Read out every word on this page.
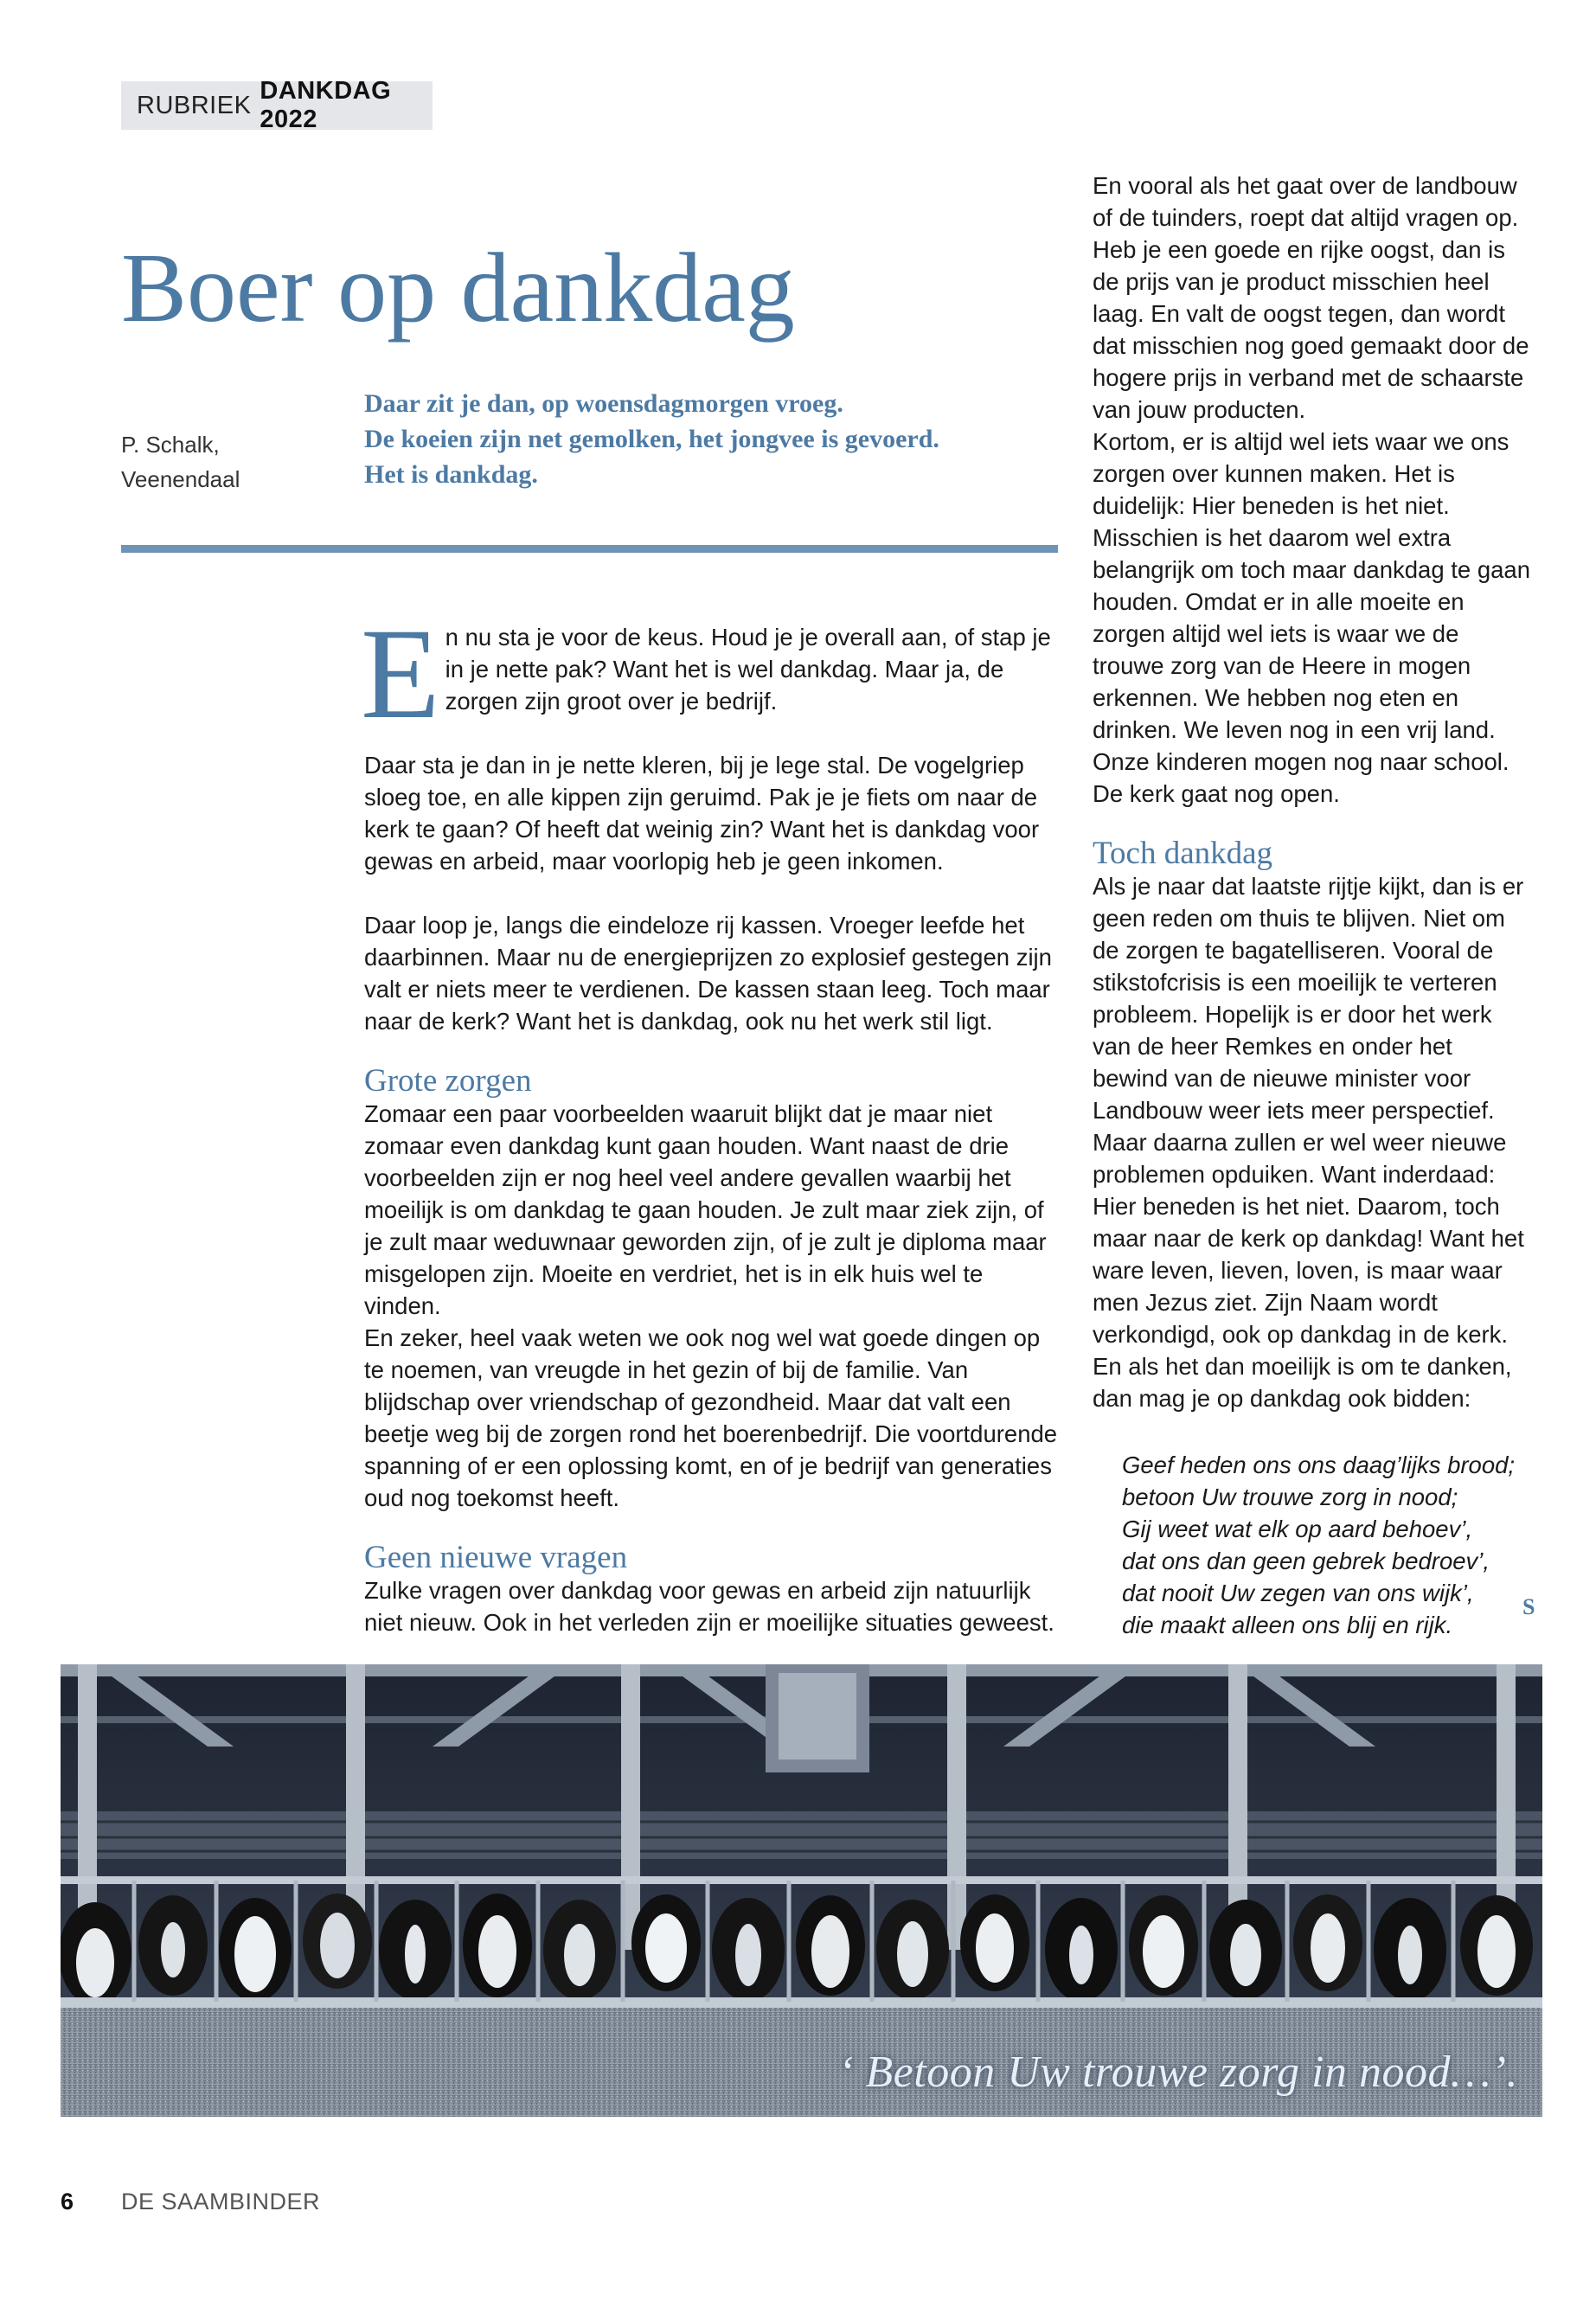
RUBRIEK
DANKDAG 2022
Boer op dankdag
P. Schalk,
Veenendaal
Daar zit je dan, op woensdagmorgen vroeg.
De koeien zijn net gemolken, het jongvee is gevoerd.
Het is dankdag.

En nu sta je voor de keus. Houd je je overall aan, of stap je in je nette pak? Want het is wel dankdag. Maar ja, de zorgen zijn groot over je bedrijf.

Daar sta je dan in je nette kleren, bij je lege stal. De vogelgriep sloeg toe, en alle kippen zijn geruimd. Pak je je fiets om naar de kerk te gaan? Of heeft dat weinig zin? Want het is dankdag voor gewas en arbeid, maar voorlopig heb je geen inkomen.

Daar loop je, langs die eindeloze rij kassen. Vroeger leefde het daarbinnen. Maar nu de energieprijzen zo explosief gestegen zijn valt er niets meer te verdienen. De kassen staan leeg. Toch maar naar de kerk? Want het is dankdag, ook nu het werk stil ligt.

Grote zorgen

Zomaar een paar voorbeelden waaruit blijkt dat je maar niet zomaar even dankdag kunt gaan houden. Want naast de drie voorbeelden zijn er nog heel veel andere gevallen waarbij het moeilijk is om dankdag te gaan houden. Je zult maar ziek zijn, of je zult maar weduwnaar geworden zijn, of je zult je diploma maar misgelopen zijn. Moeite en verdriet, het is in elk huis wel te vinden.

En zeker, heel vaak weten we ook nog wel wat goede dingen op te noemen, van vreugde in het gezin of bij de familie. Van blijdschap over vriendschap of gezondheid. Maar dat valt een beetje weg bij de zorgen rond het boerenbedrijf. Die voortdurende spanning of er een oplossing komt, en of je bedrijf van generaties oud nog toekomst heeft.

Geen nieuwe vragen

Zulke vragen over dankdag voor gewas en arbeid zijn natuurlijk niet nieuw. Ook in het verleden zijn er moeilijke situaties geweest.

En vooral als het gaat over de landbouw of de tuinders, roept dat altijd vragen op. Heb je een goede en rijke oogst, dan is de prijs van je product misschien heel laag. En valt de oogst tegen, dan wordt dat misschien nog goed gemaakt door de hogere prijs in verband met de schaarste van jouw producten.

Kortom, er is altijd wel iets waar we ons zorgen over kunnen maken. Het is duidelijk: Hier beneden is het niet. Misschien is het daarom wel extra belangrijk om toch maar dankdag te gaan houden. Omdat er in alle moeite en zorgen altijd wel iets is waar we de trouwe zorg van de Heere in mogen erkennen. We hebben nog eten en drinken. We leven nog in een vrij land. Onze kinderen mogen nog naar school. De kerk gaat nog open.

Toch dankdag

Als je naar dat laatste rijtje kijkt, dan is er geen reden om thuis te blijven. Niet om de zorgen te bagatelliseren. Vooral de stikstofcrisis is een moeilijk te verteren probleem. Hopelijk is er door het werk van de heer Remkes en onder het bewind van de nieuwe minister voor Landbouw weer iets meer perspectief. Maar daarna zullen er wel weer nieuwe problemen opduiken. Want inderdaad: Hier beneden is het niet. Daarom, toch maar naar de kerk op dankdag! Want het ware leven, lieven, loven, is maar waar men Jezus ziet. Zijn Naam wordt verkondigd, ook op dankdag in de kerk. En als het dan moeilijk is om te danken, dan mag je op dankdag ook bidden:

Geef heden ons ons daag’lijks brood;
betoon Uw trouwe zorg in nood;
Gij weet wat elk op aard behoev’,
dat ons dan geen gebrek bedroev’,
dat nooit Uw zegen van ons wijk’,
die maakt alleen ons blij en rijk.
S

‘ Betoon Uw trouwe zorg in nood…’.

6 DE SAAMBINDER
